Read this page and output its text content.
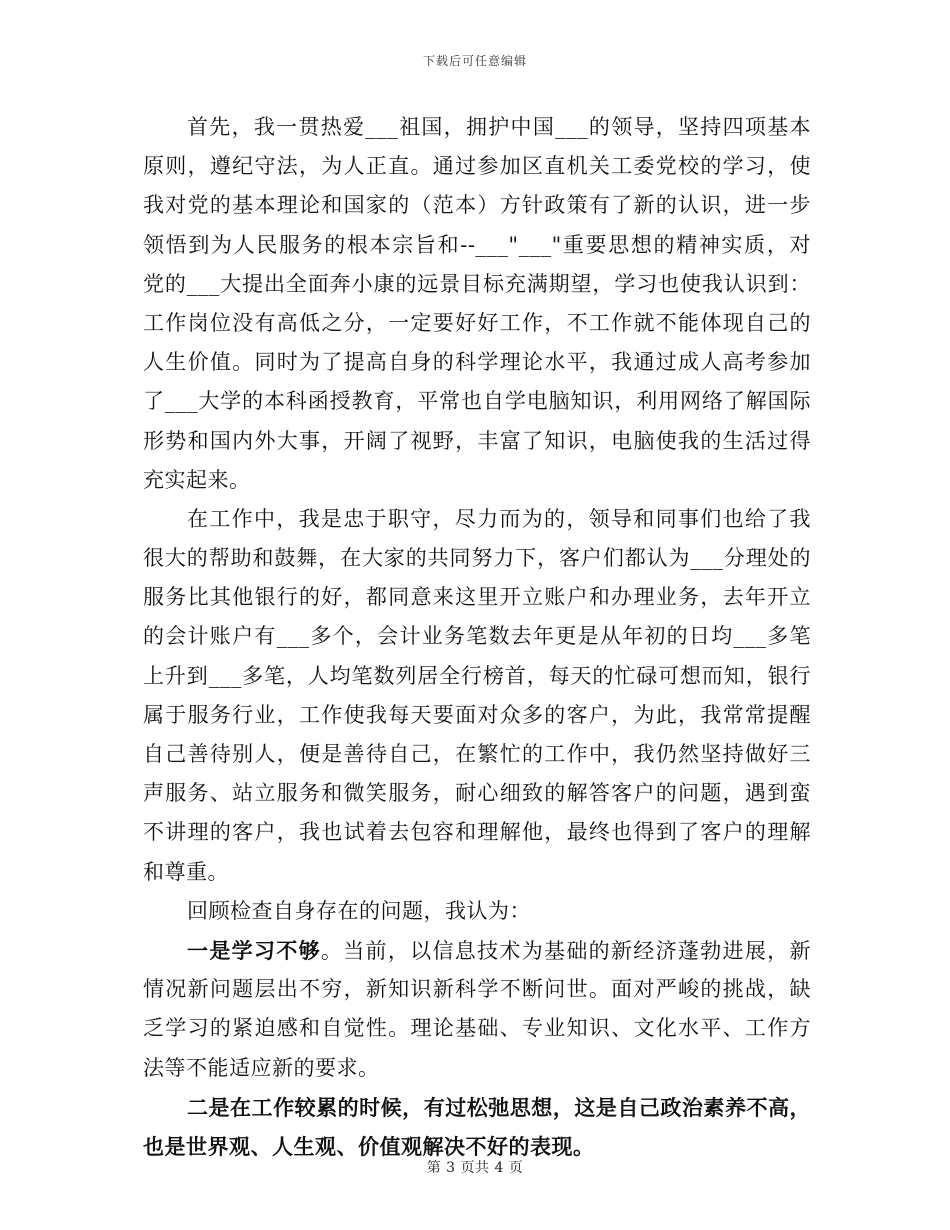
下载后可任意编辑
首先，我一贯热爱___祖国，拥护中国___的领导，坚持四项基本
原则，遵纪守法，为人正直。通过参加区直机关工委党校的学习，使
我对党的基本理论和国家的（范本）方针政策有了新的认识，进一步
领悟到为人民服务的根本宗旨和--___"___"重要思想的精神实质，对
党的___大提出全面奔小康的远景目标充满期望，学习也使我认识到：
工作岗位没有高低之分，一定要好好工作，不工作就不能体现自己的
人生价值。同时为了提高自身的科学理论水平，我通过成人高考参加
了___大学的本科函授教育，平常也自学电脑知识，利用网络了解国际
形势和国内外大事，开阔了视野，丰富了知识，电脑使我的生活过得
充实起来。
在工作中，我是忠于职守，尽力而为的，领导和同事们也给了我
很大的帮助和鼓舞，在大家的共同努力下，客户们都认为___分理处的
服务比其他银行的好，都同意来这里开立账户和办理业务，去年开立
的会计账户有___多个，会计业务笔数去年更是从年初的日均___多笔
上升到___多笔，人均笔数列居全行榜首，每天的忙碌可想而知，银行
属于服务行业，工作使我每天要面对众多的客户，为此，我常常提醒
自己善待别人，便是善待自己，在繁忙的工作中，我仍然坚持做好三
声服务、站立服务和微笑服务，耐心细致的解答客户的问题，遇到蛮
不讲理的客户，我也试着去包容和理解他，最终也得到了客户的理解
和尊重。
回顾检查自身存在的问题，我认为：
一是学习不够。当前，以信息技术为基础的新经济蓬勃进展，新
情况新问题层出不穷，新知识新科学不断问世。面对严峻的挑战，缺
乏学习的紧迫感和自觉性。理论基础、专业知识、文化水平、工作方
法等不能适应新的要求。
二是在工作较累的时候，有过松弛思想，这是自己政治素养不高，
也是世界观、人生观、价值观解决不好的表现。
第 3 页共 4 页
